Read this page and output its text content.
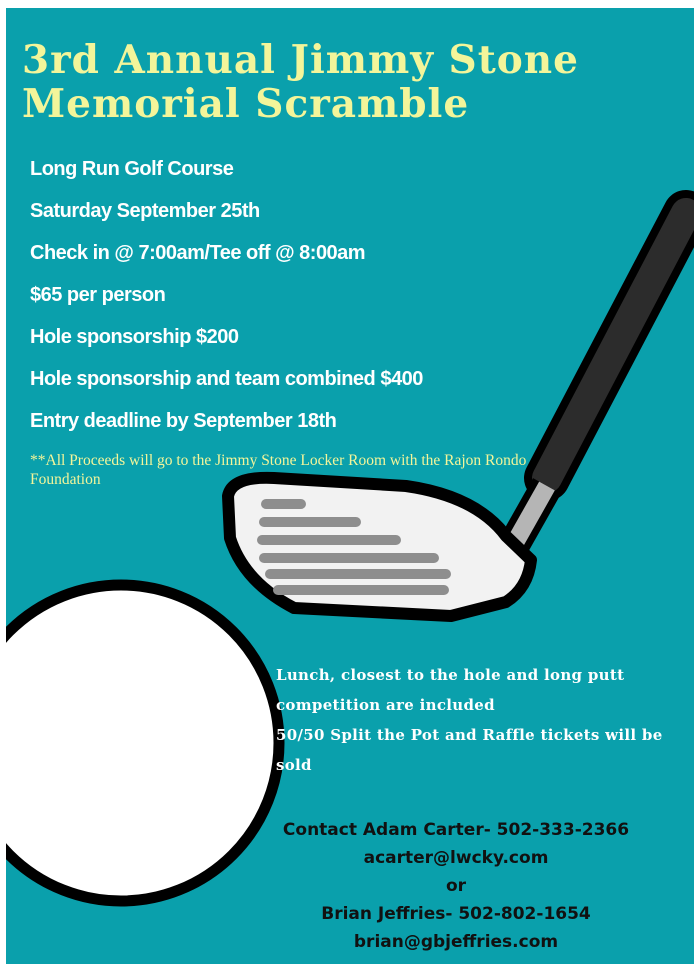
3rd Annual Jimmy Stone
Memorial Scramble
Long Run Golf Course
Saturday September 25th
Check in @ 7:00am/Tee off @ 8:00am
$65 per person
Hole sponsorship $200
Hole sponsorship and team combined $400
Entry deadline by September 18th

**All Proceeds will go to the Jimmy Stone Locker Room with the Rajon Rondo Foundation

Lunch, closest to the hole and long putt
competition are included
50/50 Split the Pot and Raffle tickets will be
sold

Contact Adam Carter- 502-333-2366
acarter@lwcky.com
or
Brian Jeffries- 502-802-1654
brian@gbjeffries.com
